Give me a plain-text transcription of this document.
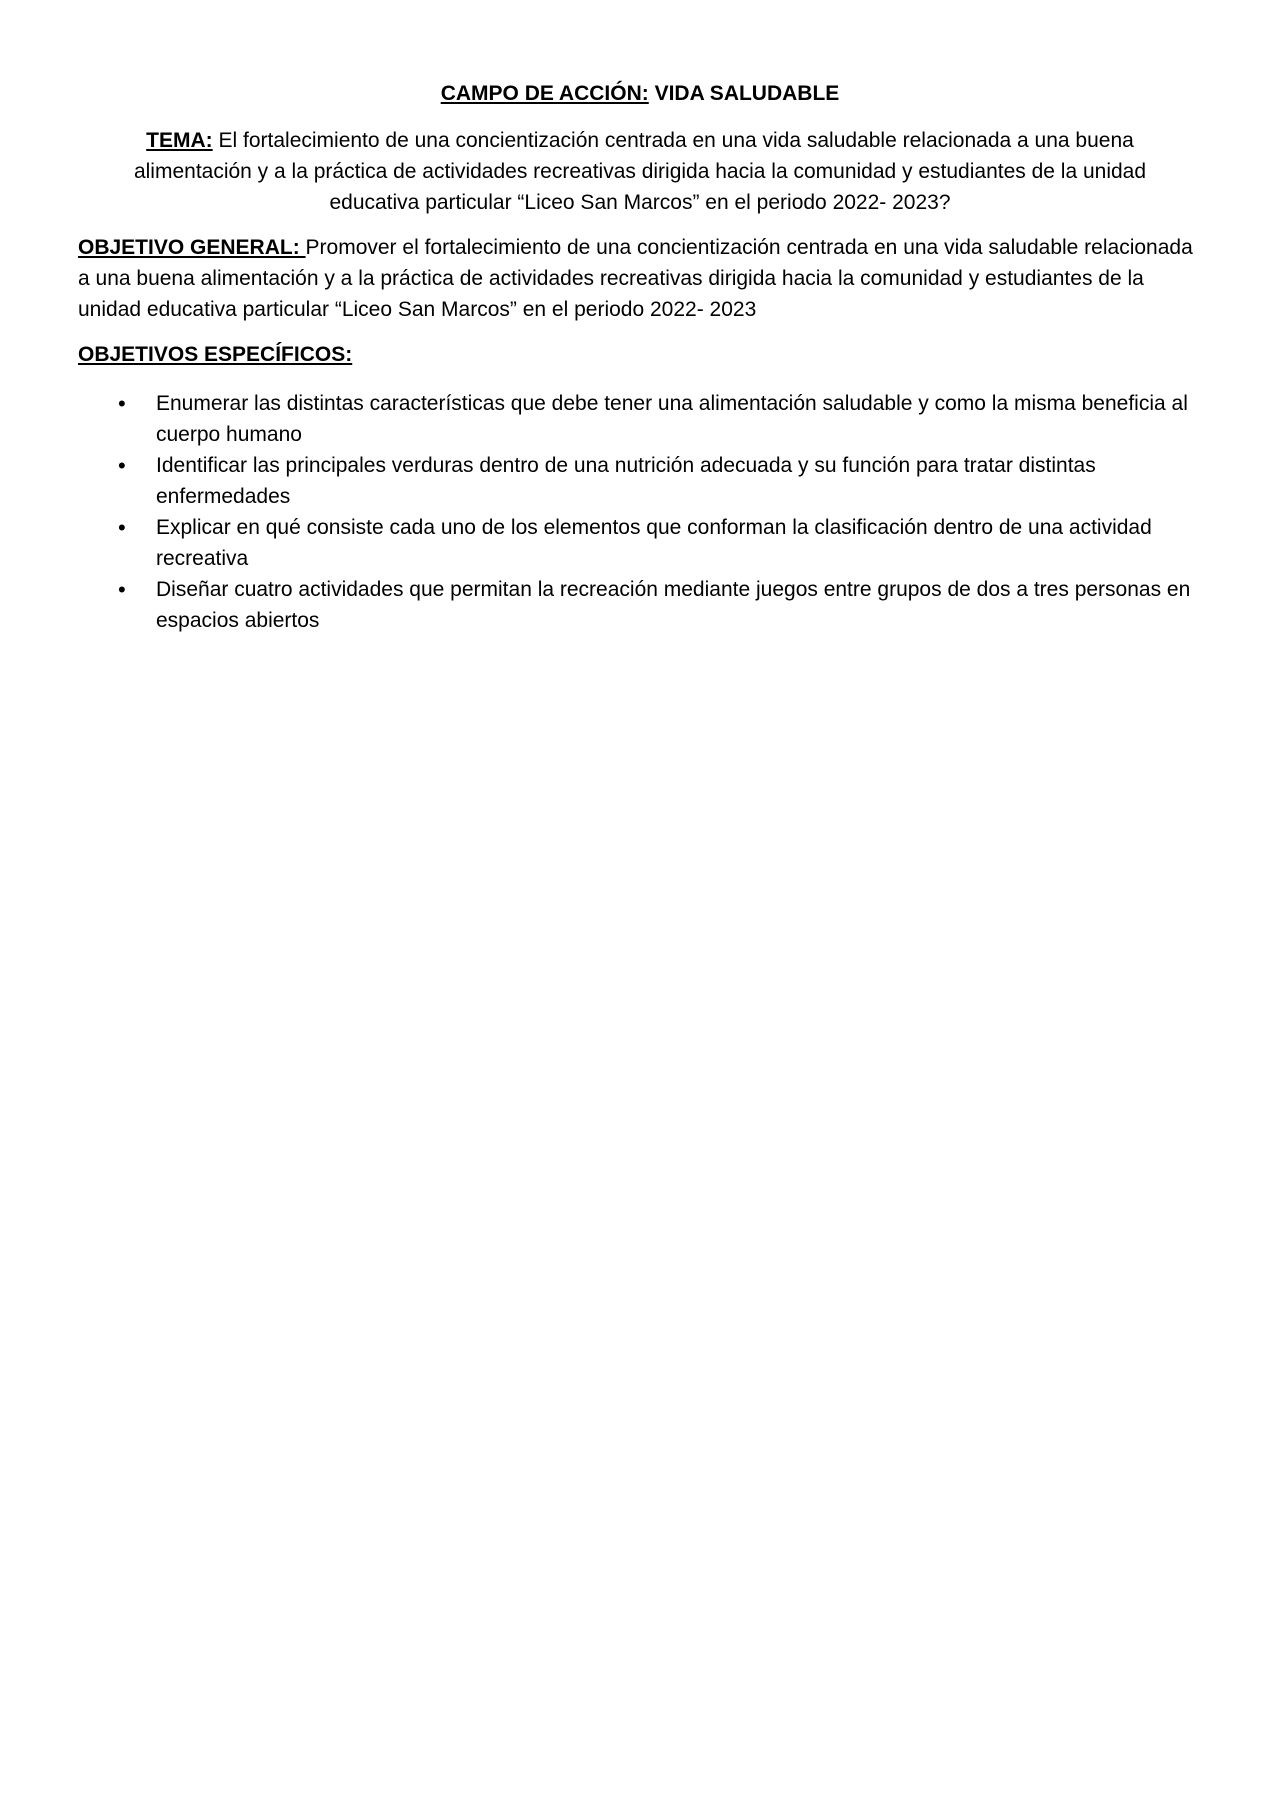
CAMPO DE ACCIÓN: VIDA SALUDABLE

TEMA: El fortalecimiento de una concientización centrada en una vida saludable relacionada a una buena alimentación y a la práctica de actividades recreativas dirigida hacia la comunidad y estudiantes de la unidad educativa particular “Liceo San Marcos” en el periodo 2022- 2023?

OBJETIVO GENERAL: Promover el fortalecimiento de una concientización centrada en una vida saludable relacionada a una buena alimentación y a la práctica de actividades recreativas dirigida hacia la comunidad y estudiantes de la unidad educativa particular “Liceo San Marcos” en el periodo 2022- 2023

OBJETIVOS ESPECÍFICOS:
• Enumerar las distintas características que debe tener una alimentación saludable y como la misma beneficia al cuerpo humano
• Identificar las principales verduras dentro de una nutrición adecuada y su función para tratar distintas enfermedades
• Explicar en qué consiste cada uno de los elementos que conforman la clasificación dentro de una actividad recreativa
• Diseñar cuatro actividades que permitan la recreación mediante juegos entre grupos de dos a tres personas en espacios abiertos
